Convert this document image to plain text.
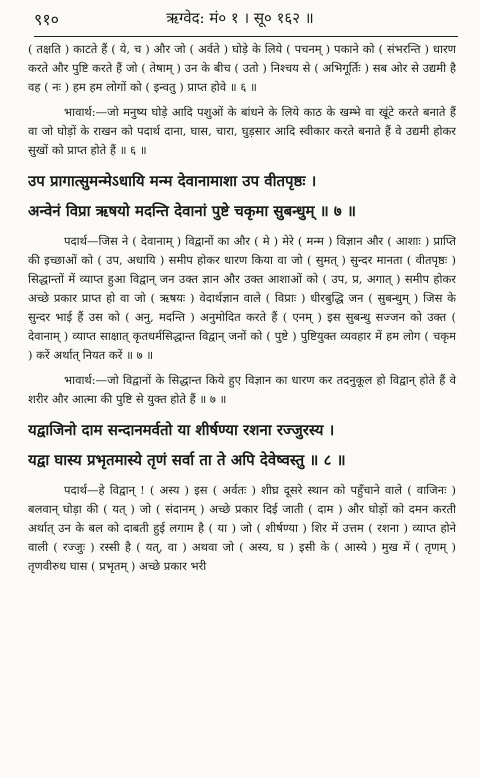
९१०	ऋग्वेद: मं० १ । सू० १६२ ॥

( तक्षति ) काटते हैं ( ये, च ) और जो ( अर्वते ) घोड़े के लिये ( पचनम् ) पकाने को ( संभरन्ति ) धारण करते और पुष्टि करते हैं जो ( तेषाम् ) उन के बीच ( उतो ) निश्चय से ( अभिगूर्तिः ) सब ओर से उद्यमी है वह ( नः ) हम हम लोगों को ( इन्वतु ) प्राप्त होवे ॥ ६ ॥

भावार्थ:—जो मनुष्य घोड़े आदि पशुओं के बांधने के लिये काठ के खम्भे वा खूंटे करते बनाते हैं वा जो घोड़ों के राखन को पदार्थ दाना, घास, चारा, घुड़सार आदि स्वीकार करते बनाते हैं वे उद्यमी होकर सुखों को प्राप्त होते हैं ॥ ६ ॥

उप प्रागात्सुमन्मेऽधायि मन्म देवानामाशा उप वीतपृष्ठः ।
अन्वेनं विप्रा ऋषयो मदन्ति देवानां पुष्टे चकृमा सुबन्धुम् ॥ ७ ॥

पदार्थ—जिस ने ( देवानाम् ) विद्वानों का और ( मे ) मेरे ( मन्म ) विज्ञान और ( आशाः ) प्राप्ति की इच्छाओं को ( उप, अधायि ) समीप होकर धारण किया वा जो ( सुमत् ) सुन्दर मानता ( वीतपृष्ठः ) सिद्धान्तों में व्याप्त हुआ विद्वान् जन उक्त ज्ञान और उक्त आशाओं को ( उप, प्र, अगात् ) समीप होकर अच्छे प्रकार प्राप्त हो वा जो ( ऋषयः ) वेदार्थज्ञान वाले ( विप्राः ) धीरबुद्धि जन ( सुबन्धुम् ) जिस के सुन्दर भाई हैं उस को ( अनु, मदन्ति ) अनुमोदित करते हैं ( एनम् ) इस सुबन्धु सज्जन को उक्त ( देवानाम् ) व्याप्त साक्षात् कृतधर्मसिद्धान्त विद्वान् जनों को ( पुष्टे ) पुष्टियुक्त व्यवहार में हम लोग ( चकृम ) करें अर्थात् नियत करें ॥ ७ ॥

भावार्थ:—जो विद्वानों के सिद्धान्त किये हुए विज्ञान का धारण कर तदनुकूल हो विद्वान् होते हैं वे शरीर और आत्मा की पुष्टि से युक्त होते हैं ॥ ७ ॥

यद्वाजिनो दाम सन्दानमर्वतो या शीर्षण्या रशना रज्जुरस्य ।
यद्वा घास्य प्रभृतमास्ये तृणं सर्वा ता ते अपि देवेष्वस्तु ॥ ८ ॥

पदार्थ—हे विद्वान् ! ( अस्य ) इस ( अर्वतः ) शीघ्र दूसरे स्थान को पहुँचाने वाले ( वाजिनः ) बलवान् घोड़ा की ( यत् ) जो ( संदानम् ) अच्छे प्रकार दिई जाती ( दाम ) और घोड़ों को दमन करती अर्थात् उन के बल को दाबती हुई लगाम है ( या ) जो ( शीर्षण्या ) शिर में उत्तम ( रशना ) व्याप्त होने वाली ( रज्जुः ) रस्सी है ( यत्, वा ) अथवा जो ( अस्य, घ ) इसी के ( आस्ये ) मुख में ( तृणम् ) तृणवीरुध घास ( प्रभृतम् ) अच्छे प्रकार भरी
